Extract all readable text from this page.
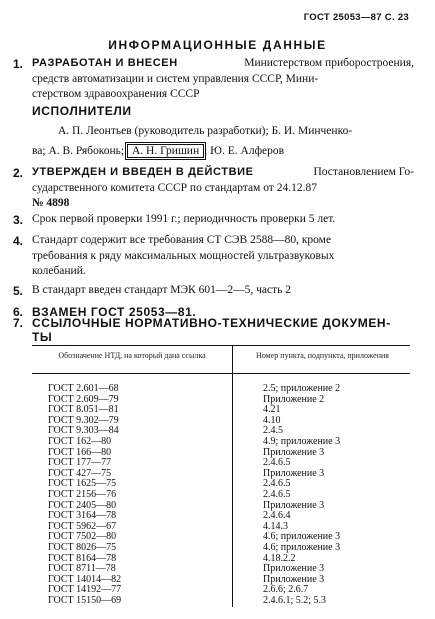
ГОСТ 25053—87 С. 23
ИНФОРМАЦИОННЫЕ ДАННЫЕ
1. РАЗРАБОТАН И ВНЕСЕН	Министерством приборостроения,
средств автоматизации и систем управления СССР, Мини-
стерством здравоохранения СССР
ИСПОЛНИТЕЛИ
А. П. Леонтьев (руководитель разработки); Б. И. Минченко-
ва; А. В. Рябоконь; А. Н. Гришин ; Ю. Е. Алферов
2. УТВЕРЖДЕН И ВВЕДЕН В ДЕЙСТВИЕ	Постановлением Го-
сударственного комитета СССР по стандартам от 24.12.87
№ 4898
3. Срок первой проверки 1991 г.; периодичность проверки 5 лет.
4. Стандарт содержит все требования СТ СЭВ 2588—80, кроме
требования к ряду максимальных мощностей ультразвуковых
колебаний.
5. В стандарт введен стандарт МЭК 601—2—5, часть 2
6. ВЗАМЕН ГОСТ 25053—81.
7. ССЫЛОЧНЫЕ НОРМАТИВНО-ТЕХНИЧЕСКИЕ ДОКУМЕН-
ТЫ
Обозначение НТД, на который дана ссылка	Номер пункта, подпункта, приложения
ГОСТ 2.601—68	2.5; приложение 2
ГОСТ 2.609—79	Приложение 2
ГОСТ 8.051—81	4.21
ГОСТ 9.302—79	4.10
ГОСТ 9.303—84	2.4.5
ГОСТ 162—80	4.9; приложение 3
ГОСТ 166—80	Приложение 3
ГОСТ 177—77	2.4.6.5
ГОСТ 427—75	Приложение 3
ГОСТ 1625—75	2.4.6.5
ГОСТ 2156—76	2.4.6.5
ГОСТ 2405—80	Приложение 3
ГОСТ 3164—78	2.4.6.4
ГОСТ 5962—67	4.14.3
ГОСТ 7502—80	4.6; приложение 3
ГОСТ 8026—75	4.6; приложение 3
ГОСТ 8164—78	4.18.2.2
ГОСТ 8711—78	Приложение 3
ГОСТ 14014—82	Приложение 3
ГОСТ 14192—77	2.6.6; 2.6.7
ГОСТ 15150—69	2.4.6.1; 5.2; 5.3
